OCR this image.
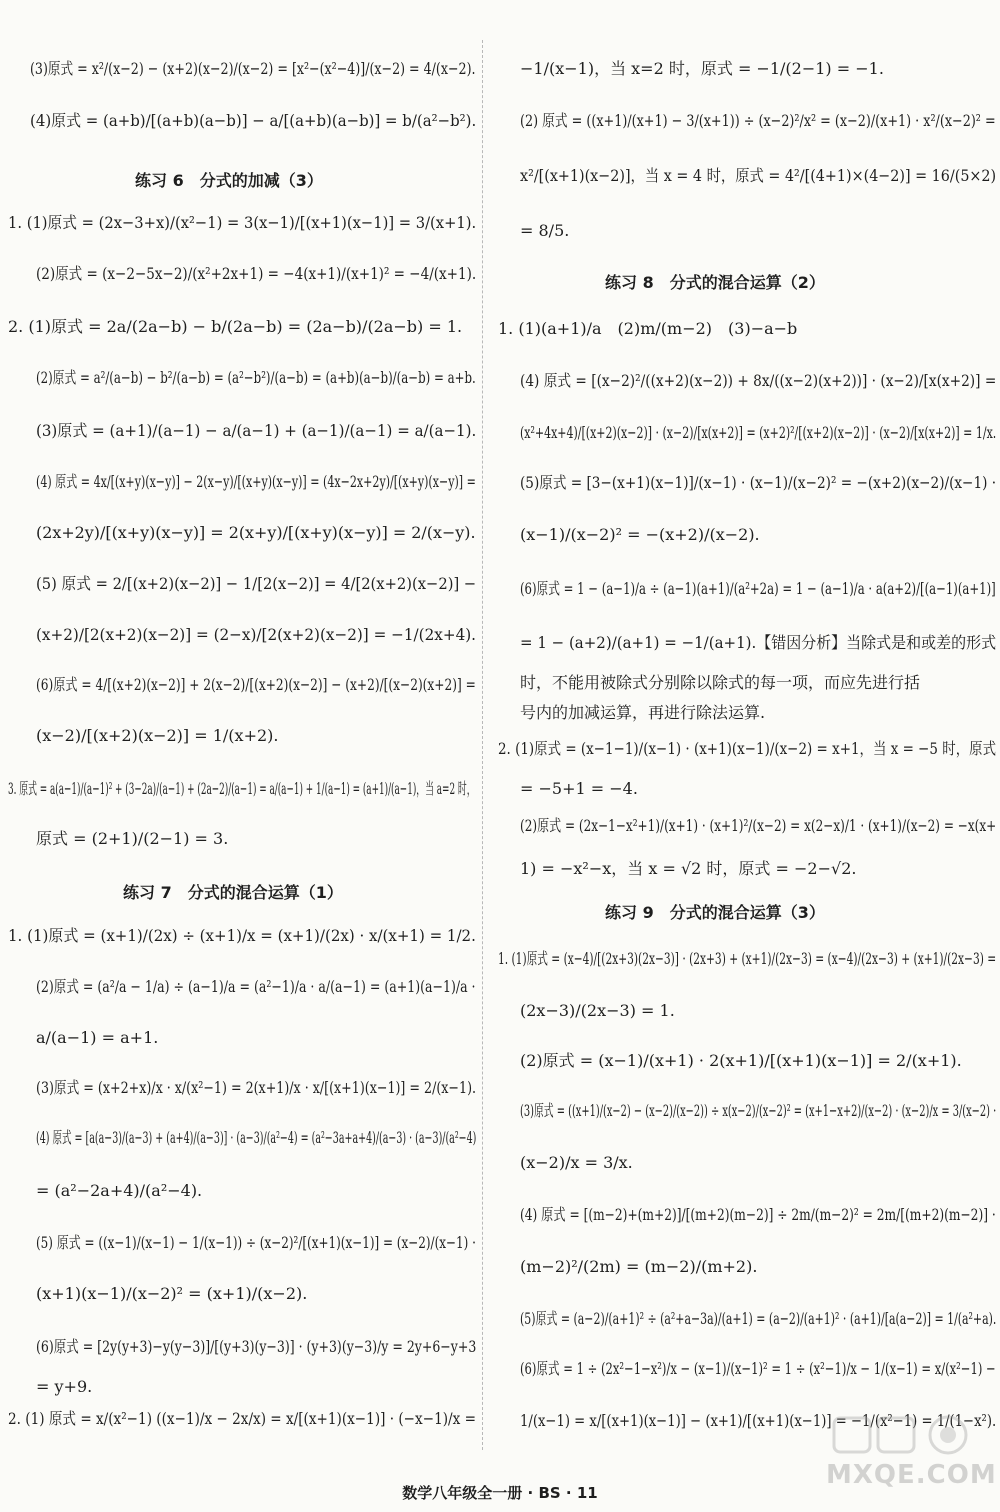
(3)原式 = x²/(x−2) − (x+2)(x−2)/(x−2) = [x²−(x²−4)]/(x−2) = 4/(x−2).
(4)原式 = (a+b)/[(a+b)(a−b)] − a/[(a+b)(a−b)] = b/(a²−b²).
练习 6　分式的加减（3）
1. (1)原式 = (2x−3+x)/(x²−1) = 3(x−1)/[(x+1)(x−1)] = 3/(x+1).
(2)原式 = (x−2−5x−2)/(x²+2x+1) = −4(x+1)/(x+1)² = −4/(x+1).
2. (1)原式 = 2a/(2a−b) − b/(2a−b) = (2a−b)/(2a−b) = 1.
(2)原式 = a²/(a−b) − b²/(a−b) = (a²−b²)/(a−b) = (a+b)(a−b)/(a−b) = a+b.
(3)原式 = (a+1)/(a−1) − a/(a−1) + (a−1)/(a−1) = a/(a−1).
(4) 原式 = 4x/[(x+y)(x−y)] − 2(x−y)/[(x+y)(x−y)] = (4x−2x+2y)/[(x+y)(x−y)] =
(2x+2y)/[(x+y)(x−y)] = 2(x+y)/[(x+y)(x−y)] = 2/(x−y).
(5) 原式 = 2/[(x+2)(x−2)] − 1/[2(x−2)] = 4/[2(x+2)(x−2)] −
(x+2)/[2(x+2)(x−2)] = (2−x)/[2(x+2)(x−2)] = −1/(2x+4).
(6)原式 = 4/[(x+2)(x−2)] + 2(x−2)/[(x+2)(x−2)] − (x+2)/[(x−2)(x+2)] =
(x−2)/[(x+2)(x−2)] = 1/(x+2).
3. 原式 = a(a−1)/(a−1)² + (3−2a)/(a−1) + (2a−2)/(a−1) = a/(a−1) + 1/(a−1) = (a+1)/(a−1)，当 a=2 时，
原式 = (2+1)/(2−1) = 3.
练习 7　分式的混合运算（1）
1. (1)原式 = (x+1)/(2x) ÷ (x+1)/x = (x+1)/(2x) · x/(x+1) = 1/2.
(2)原式 = (a²/a − 1/a) ÷ (a−1)/a = (a²−1)/a · a/(a−1) = (a+1)(a−1)/a ·
a/(a−1) = a+1.
(3)原式 = (x+2+x)/x · x/(x²−1) = 2(x+1)/x · x/[(x+1)(x−1)] = 2/(x−1).
(4) 原式 = [a(a−3)/(a−3) + (a+4)/(a−3)] · (a−3)/(a²−4) = (a²−3a+a+4)/(a−3) · (a−3)/(a²−4)
= (a²−2a+4)/(a²−4).
(5) 原式 = ((x−1)/(x−1) − 1/(x−1)) ÷ (x−2)²/[(x+1)(x−1)] = (x−2)/(x−1) ·
(x+1)(x−1)/(x−2)² = (x+1)/(x−2).
(6)原式 = [2y(y+3)−y(y−3)]/[(y+3)(y−3)] · (y+3)(y−3)/y = 2y+6−y+3
= y+9.
2. (1) 原式 = x/(x²−1) ((x−1)/x − 2x/x) = x/[(x+1)(x−1)] · (−x−1)/x =
−1/(x−1)，当 x=2 时，原式 = −1/(2−1) = −1.
(2) 原式 = ((x+1)/(x+1) − 3/(x+1)) ÷ (x−2)²/x² = (x−2)/(x+1) · x²/(x−2)² =
x²/[(x+1)(x−2)]，当 x = 4 时，原式 = 4²/[(4+1)×(4−2)] = 16/(5×2)
= 8/5.
练习 8　分式的混合运算（2）
1. (1)(a+1)/a　(2)m/(m−2)　(3)−a−b
(4) 原式 = [(x−2)²/((x+2)(x−2)) + 8x/((x−2)(x+2))] · (x−2)/[x(x+2)] =
(x²+4x+4)/[(x+2)(x−2)] · (x−2)/[x(x+2)] = (x+2)²/[(x+2)(x−2)] · (x−2)/[x(x+2)] = 1/x.
(5)原式 = [3−(x+1)(x−1)]/(x−1) · (x−1)/(x−2)² = −(x+2)(x−2)/(x−1) ·
(x−1)/(x−2)² = −(x+2)/(x−2).
(6)原式 = 1 − (a−1)/a ÷ (a−1)(a+1)/(a²+2a) = 1 − (a−1)/a · a(a+2)/[(a−1)(a+1)]
= 1 − (a+2)/(a+1) = −1/(a+1).【错因分析】当除式是和或差的形式
时，不能用被除式分别除以除式的每一项，而应先进行括
号内的加减运算，再进行除法运算.
2. (1)原式 = (x−1−1)/(x−1) · (x+1)(x−1)/(x−2) = x+1，当 x = −5 时，原式
= −5+1 = −4.
(2)原式 = (2x−1−x²+1)/(x+1) · (x+1)²/(x−2) = x(2−x)/1 · (x+1)/(x−2) = −x(x+
1) = −x²−x，当 x = √2 时，原式 = −2−√2.
练习 9　分式的混合运算（3）
1. (1)原式 = (x−4)/[(2x+3)(2x−3)] · (2x+3) + (x+1)/(2x−3) = (x−4)/(2x−3) + (x+1)/(2x−3) =
(2x−3)/(2x−3) = 1.
(2)原式 = (x−1)/(x+1) · 2(x+1)/[(x+1)(x−1)] = 2/(x+1).
(3)原式 = ((x+1)/(x−2) − (x−2)/(x−2)) ÷ x(x−2)/(x−2)² = (x+1−x+2)/(x−2) · (x−2)/x = 3/(x−2) ·
(x−2)/x = 3/x.
(4) 原式 = [(m−2)+(m+2)]/[(m+2)(m−2)] ÷ 2m/(m−2)² = 2m/[(m+2)(m−2)] ·
(m−2)²/(2m) = (m−2)/(m+2).
(5)原式 = (a−2)/(a+1)² ÷ (a²+a−3a)/(a+1) = (a−2)/(a+1)² · (a+1)/[a(a−2)] = 1/(a²+a).
(6)原式 = 1 ÷ (2x²−1−x²)/x − (x−1)/(x−1)² = 1 ÷ (x²−1)/x − 1/(x−1) = x/(x²−1) −
1/(x−1) = x/[(x+1)(x−1)] − (x+1)/[(x+1)(x−1)] = −1/(x²−1) = 1/(1−x²).
数学八年级全一册 · BS · 11
MXQE.COM
